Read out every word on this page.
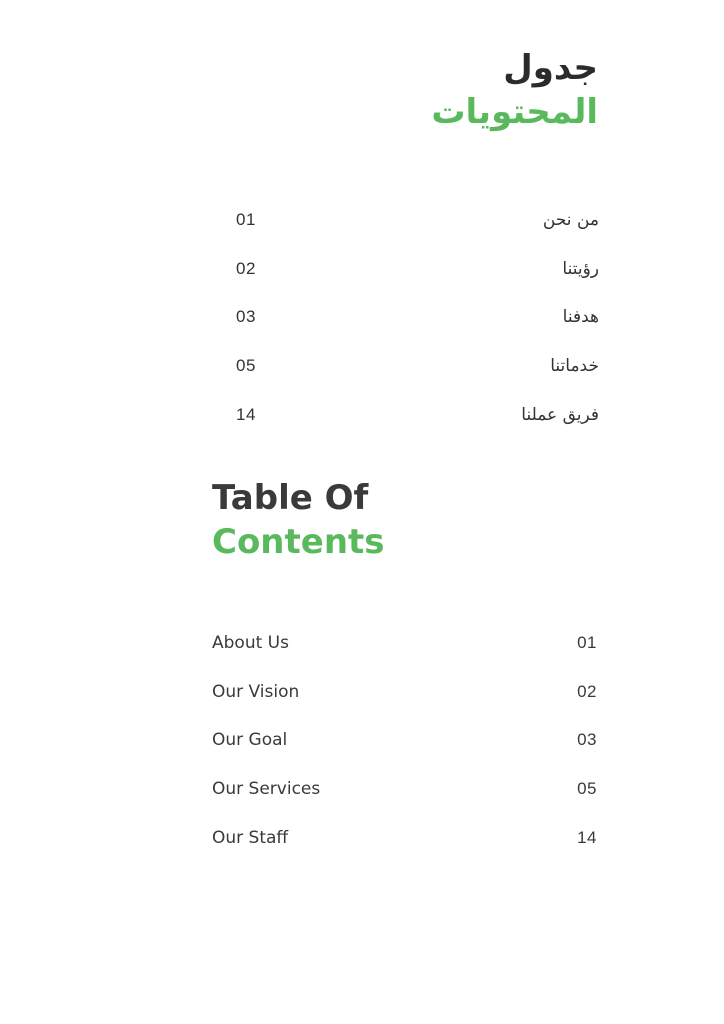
جدول
المحتويات
01	من نحن
02	رؤيتنا
03	هدفنا
05	خدماتنا
14	فريق عملنا
Table Of
Contents
About Us	01
Our Vision	02
Our Goal	03
Our Services	05
Our Staff	14
